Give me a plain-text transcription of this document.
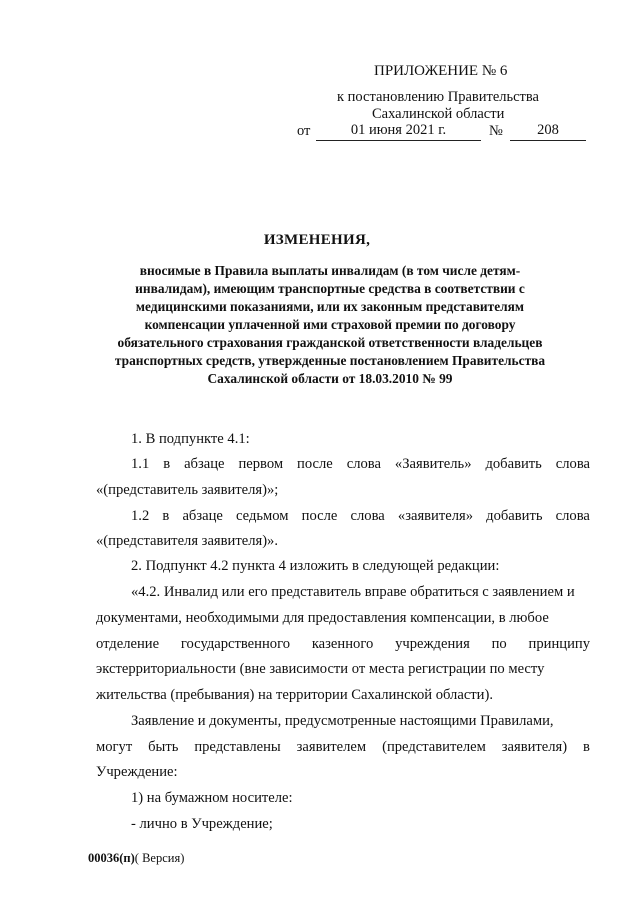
ПРИЛОЖЕНИЕ № 6
к постановлению Правительства
Сахалинской области
от	01 июня 2021 г.	№	208
ИЗМЕНЕНИЯ,
вносимые в Правила выплаты инвалидам (в том числе детям-
инвалидам), имеющим транспортные средства в соответствии с
медицинскими показаниями, или их законным представителям
компенсации уплаченной ими страховой премии по договору
обязательного страхования гражданской ответственности владельцев
транспортных средств, утвержденные постановлением Правительства
Сахалинской области от 18.03.2010 № 99
1. В подпункте 4.1:
1.1 в абзаце первом после слова «Заявитель» добавить слова
«(представитель заявителя)»;
1.2 в абзаце седьмом после слова «заявителя» добавить слова
«(представителя заявителя)».
2. Подпункт 4.2 пункта 4 изложить в следующей редакции:
«4.2. Инвалид или его представитель вправе обратиться с заявлением и
документами, необходимыми для предоставления компенсации, в любое
отделение государственного казенного учреждения по принципу
экстерриториальности (вне зависимости от места регистрации по месту
жительства (пребывания) на территории Сахалинской области).
Заявление и документы, предусмотренные настоящими Правилами,
могут быть представлены заявителем (представителем заявителя) в
Учреждение:
1) на бумажном носителе:
- лично в Учреждение;
00036(п)( Версия)
